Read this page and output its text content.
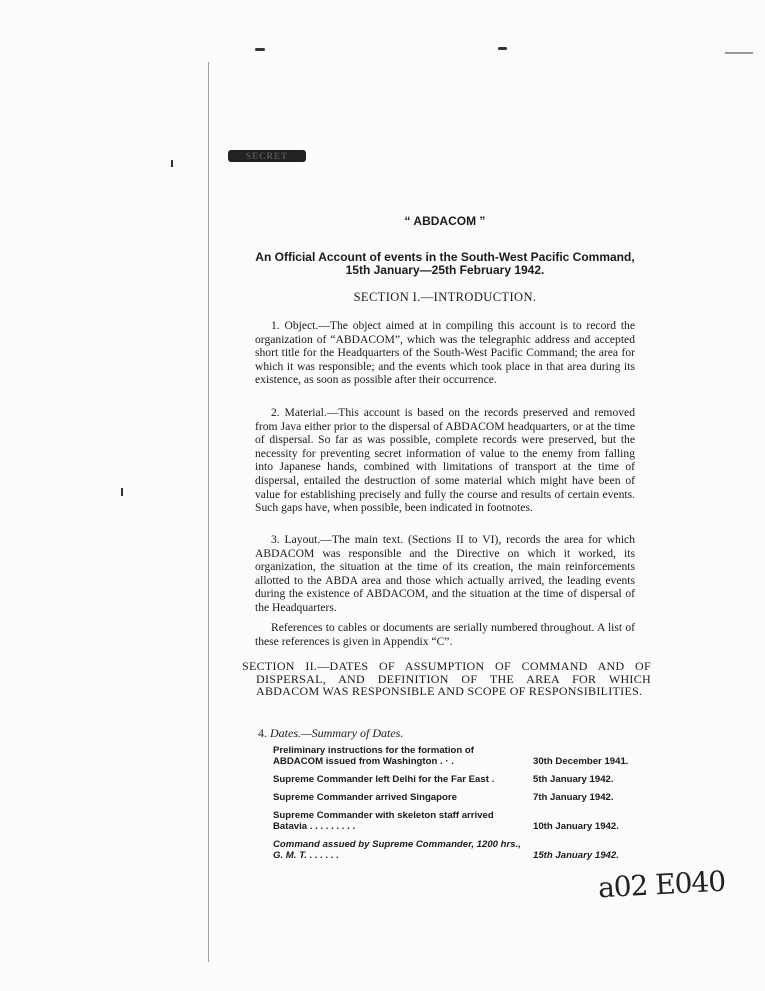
SECRET
“ ABDACOM ”
An Official Account of events in the South-West Pacific Command,
15th January—25th February 1942.
SECTION I.—INTRODUCTION.

1. Object.—The object aimed at in compiling this account is to record the organization of “ABDACOM”, which was the telegraphic address and accepted short title for the Headquarters of the South-West Pacific Command; the area for which it was responsible; and the events which took place in that area during its existence, as soon as possible after their occurrence.

2. Material.—This account is based on the records preserved and removed from Java either prior to the dispersal of ABDACOM headquarters, or at the time of dispersal. So far as was possible, complete records were preserved, but the necessity for preventing secret information of value to the enemy from falling into Japanese hands, combined with limitations of transport at the time of dispersal, entailed the destruction of some material which might have been of value for establishing precisely and fully the course and results of certain events. Such gaps have, when possible, been indicated in footnotes.

3. Layout.—The main text. (Sections II to VI), records the area for which ABDACOM was responsible and the Directive on which it worked, its organization, the situation at the time of its creation, the main reinforcements allotted to the ABDA area and those which actually arrived, the leading events during the existence of ABDACOM, and the situation at the time of dispersal of the Headquarters.

References to cables or documents are serially numbered throughout. A list of these references is given in Appendix “C”.

SECTION II.—DATES OF ASSUMPTION OF COMMAND AND OF DISPERSAL, AND DEFINITION OF THE AREA FOR WHICH ABDACOM WAS RESPONSIBLE AND SCOPE OF RESPONSIBILITIES.

4. Dates.—Summary of Dates.
Preliminary instructions for the formation of ABDACOM issued from Washington . · .	30th December 1941.
Supreme Commander left Delhi for the Far East .	5th January 1942.
Supreme Commander arrived Singapore	7th January 1942.
Supreme Commander with skeleton staff arrived Batavia . . . . . . . . .	10th January 1942.
Command assued by Supreme Commander, 1200 hrs., G. M. T. . . . . . .	15th January 1942.
a02 E040
